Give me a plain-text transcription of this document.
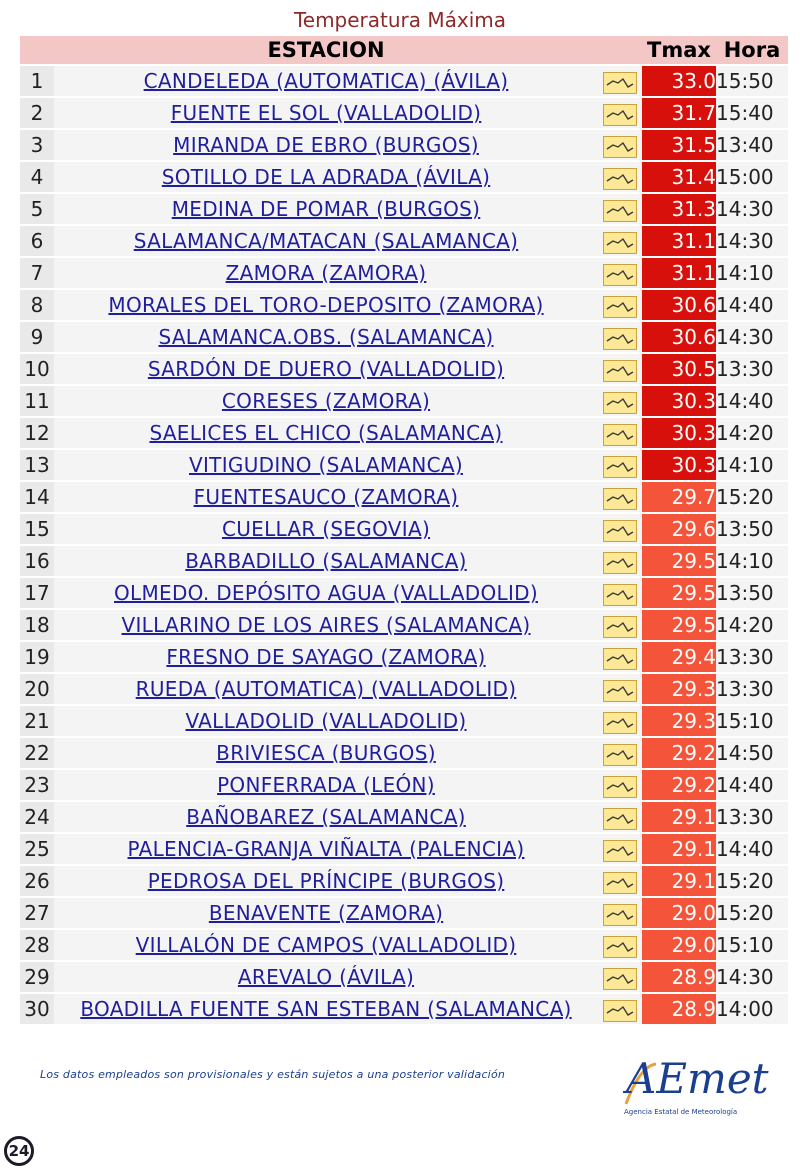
Temperatura Máxima
	ESTACION		Tmax	Hora
1	CANDELEDA (AUTOMATICA) (ÁVILA)		33.0	15:50
2	FUENTE EL SOL (VALLADOLID)		31.7	15:40
3	MIRANDA DE EBRO (BURGOS)		31.5	13:40
4	SOTILLO DE LA ADRADA (ÁVILA)		31.4	15:00
5	MEDINA DE POMAR (BURGOS)		31.3	14:30
6	SALAMANCA/MATACAN (SALAMANCA)		31.1	14:30
7	ZAMORA (ZAMORA)		31.1	14:10
8	MORALES DEL TORO-DEPOSITO (ZAMORA)		30.6	14:40
9	SALAMANCA.OBS. (SALAMANCA)		30.6	14:30
10	SARDÓN DE DUERO (VALLADOLID)		30.5	13:30
11	CORESES (ZAMORA)		30.3	14:40
12	SAELICES EL CHICO (SALAMANCA)		30.3	14:20
13	VITIGUDINO (SALAMANCA)		30.3	14:10
14	FUENTESAUCO (ZAMORA)		29.7	15:20
15	CUELLAR (SEGOVIA)		29.6	13:50
16	BARBADILLO (SALAMANCA)		29.5	14:10
17	OLMEDO. DEPÓSITO AGUA (VALLADOLID)		29.5	13:50
18	VILLARINO DE LOS AIRES (SALAMANCA)		29.5	14:20
19	FRESNO DE SAYAGO (ZAMORA)		29.4	13:30
20	RUEDA (AUTOMATICA) (VALLADOLID)		29.3	13:30
21	VALLADOLID (VALLADOLID)		29.3	15:10
22	BRIVIESCA (BURGOS)		29.2	14:50
23	PONFERRADA (LEÓN)		29.2	14:40
24	BAÑOBAREZ (SALAMANCA)		29.1	13:30
25	PALENCIA-GRANJA VIÑALTA (PALENCIA)		29.1	14:40
26	PEDROSA DEL PRÍNCIPE (BURGOS)		29.1	15:20
27	BENAVENTE (ZAMORA)		29.0	15:20
28	VILLALÓN DE CAMPOS (VALLADOLID)		29.0	15:10
29	AREVALO (ÁVILA)		28.9	14:30
30	BOADILLA FUENTE SAN ESTEBAN (SALAMANCA)		28.9	14:00
Los datos empleados son provisionales y están sujetos a una posterior validación	AEmet
Agencia Estatal de Meteorología
24
